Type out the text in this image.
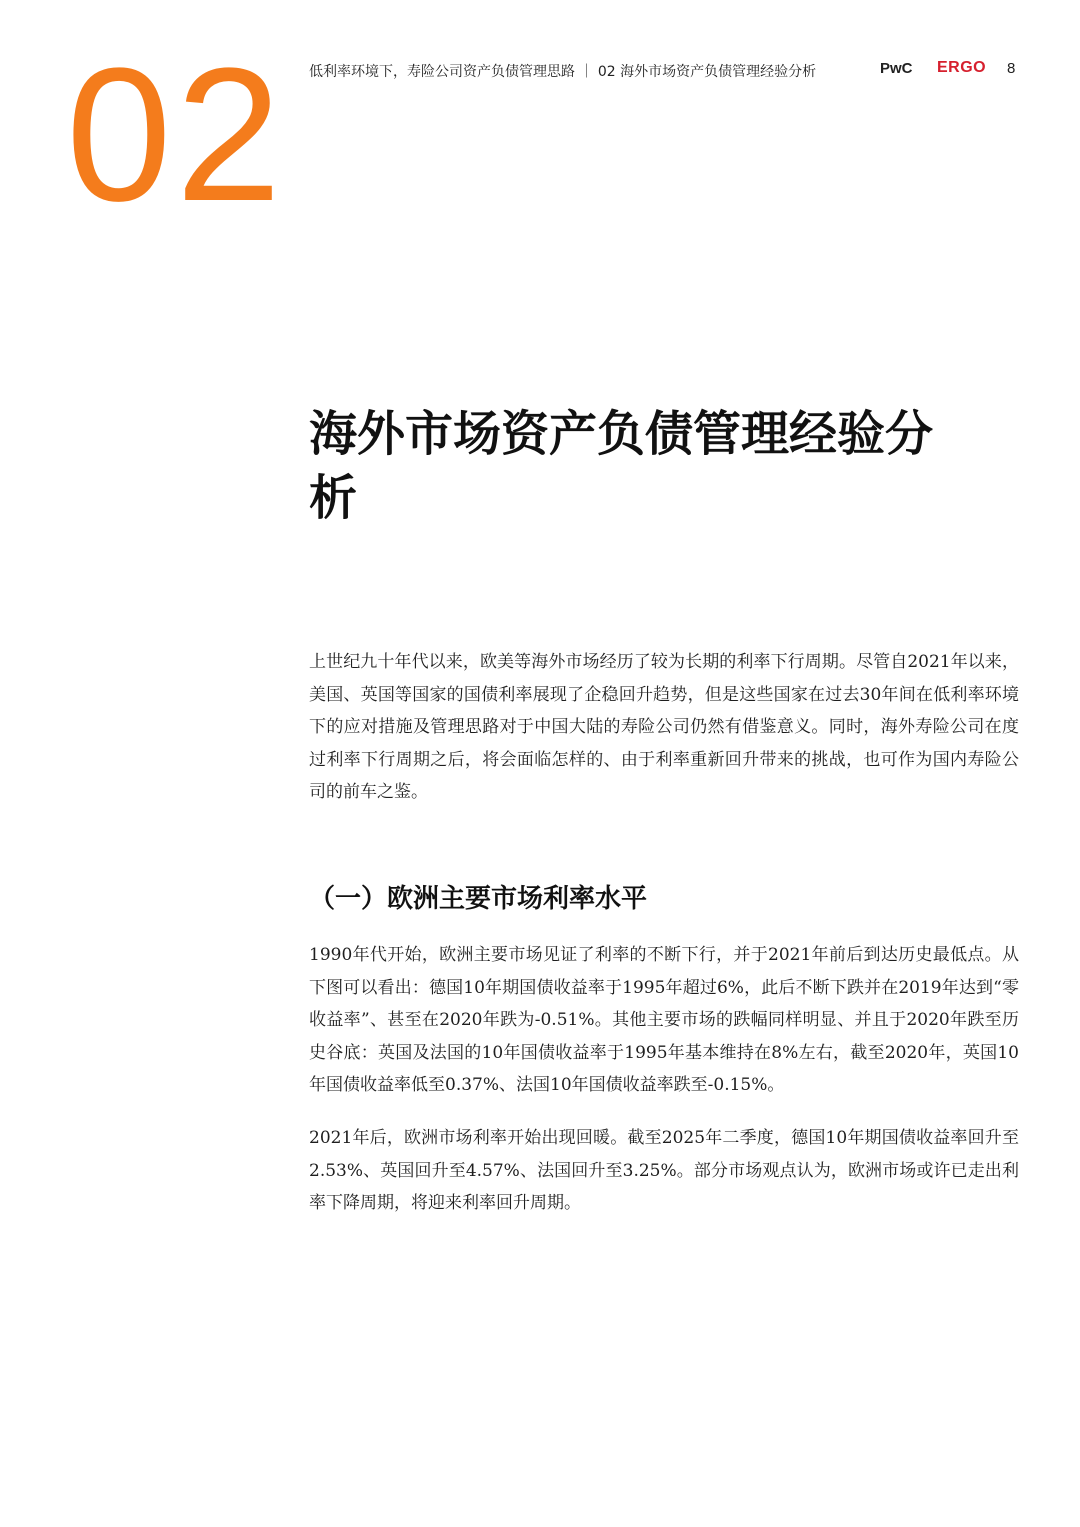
02 低利率环境下，寿险公司资产负债管理思路 ｜ 02 海外市场资产负债管理经验分析	PwC ERGO 8
海外市场资产负债管理经验分析

上世纪九十年代以来，欧美等海外市场经历了较为长期的利率下行周期。尽管自2021年以来，美国、英国等国家的国债利率展现了企稳回升趋势，但是这些国家在过去30年间在低利率环境下的应对措施及管理思路对于中国大陆的寿险公司仍然有借鉴意义。同时，海外寿险公司在度过利率下行周期之后，将会面临怎样的、由于利率重新回升带来的挑战，也可作为国内寿险公司的前车之鉴。

（一）欧洲主要市场利率水平

1990年代开始，欧洲主要市场见证了利率的不断下行，并于2021年前后到达历史最低点。从下图可以看出：德国10年期国债收益率于1995年超过6%，此后不断下跌并在2019年达到“零收益率”、甚至在2020年跌为-0.51%。其他主要市场的跌幅同样明显、并且于2020年跌至历史谷底：英国及法国的10年国债收益率于1995年基本维持在8%左右，截至2020年，英国10年国债收益率低至0.37%、法国10年国债收益率跌至-0.15%。

2021年后，欧洲市场利率开始出现回暖。截至2025年二季度，德国10年期国债收益率回升至2.53%、英国回升至4.57%、法国回升至3.25%。部分市场观点认为，欧洲市场或许已走出利率下降周期，将迎来利率回升周期。
